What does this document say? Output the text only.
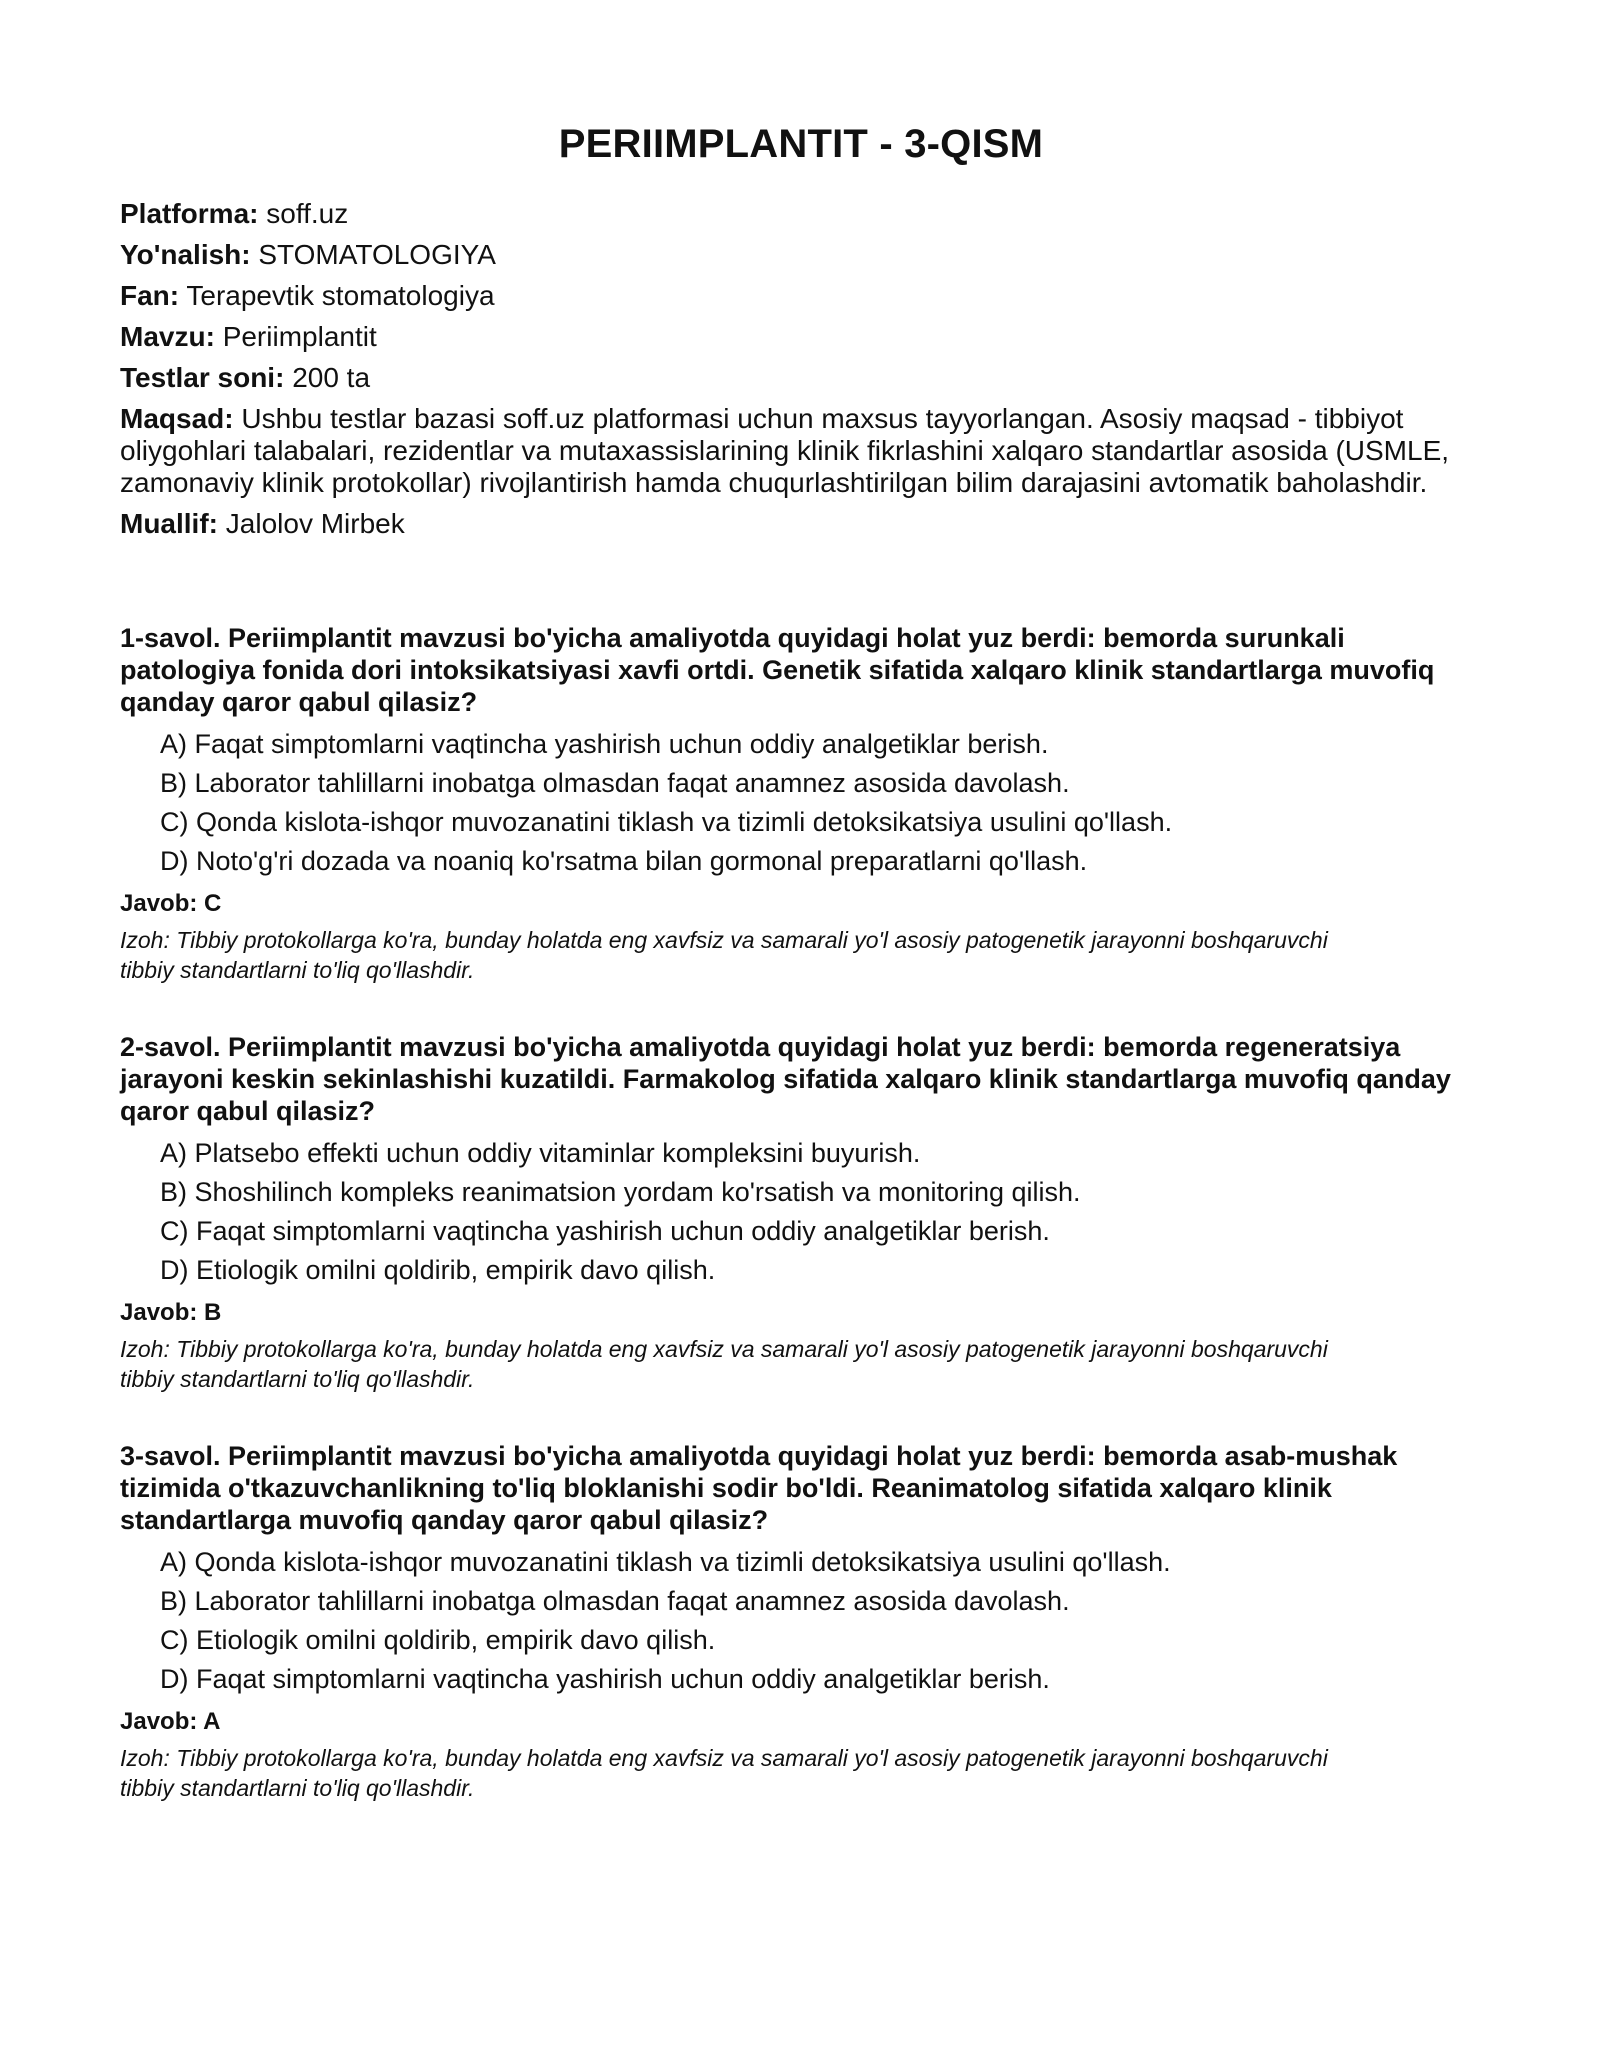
PERIIMPLANTIT - 3-QISM

Platforma: soff.uz

Yo'nalish: STOMATOLOGIYA

Fan: Terapevtik stomatologiya

Mavzu: Periimplantit

Testlar soni: 200 ta

Maqsad: Ushbu testlar bazasi soff.uz platformasi uchun maxsus tayyorlangan. Asosiy maqsad - tibbiyot oliygohlari talabalari, rezidentlar va mutaxassislarining klinik fikrlashini xalqaro standartlar asosida (USMLE, zamonaviy klinik protokollar) rivojlantirish hamda chuqurlashtirilgan bilim darajasini avtomatik baholashdir.

Muallif: Jalolov Mirbek

1-savol. Periimplantit mavzusi bo'yicha amaliyotda quyidagi holat yuz berdi: bemorda surunkali patologiya fonida dori intoksikatsiyasi xavfi ortdi. Genetik sifatida xalqaro klinik standartlarga muvofiq qanday qaror qabul qilasiz?

A) Faqat simptomlarni vaqtincha yashirish uchun oddiy analgetiklar berish.

B) Laborator tahlillarni inobatga olmasdan faqat anamnez asosida davolash.

C) Qonda kislota-ishqor muvozanatini tiklash va tizimli detoksikatsiya usulini qo'llash.

D) Noto'g'ri dozada va noaniq ko'rsatma bilan gormonal preparatlarni qo'llash.

Javob: C

Izoh: Tibbiy protokollarga ko'ra, bunday holatda eng xavfsiz va samarali yo'l asosiy patogenetik jarayonni boshqaruvchi tibbiy standartlarni to'liq qo'llashdir.

2-savol. Periimplantit mavzusi bo'yicha amaliyotda quyidagi holat yuz berdi: bemorda regeneratsiya jarayoni keskin sekinlashishi kuzatildi. Farmakolog sifatida xalqaro klinik standartlarga muvofiq qanday qaror qabul qilasiz?

A) Platsebo effekti uchun oddiy vitaminlar kompleksini buyurish.

B) Shoshilinch kompleks reanimatsion yordam ko'rsatish va monitoring qilish.

C) Faqat simptomlarni vaqtincha yashirish uchun oddiy analgetiklar berish.

D) Etiologik omilni qoldirib, empirik davo qilish.

Javob: B

Izoh: Tibbiy protokollarga ko'ra, bunday holatda eng xavfsiz va samarali yo'l asosiy patogenetik jarayonni boshqaruvchi tibbiy standartlarni to'liq qo'llashdir.

3-savol. Periimplantit mavzusi bo'yicha amaliyotda quyidagi holat yuz berdi: bemorda asab-mushak tizimida o'tkazuvchanlikning to'liq bloklanishi sodir bo'ldi. Reanimatolog sifatida xalqaro klinik standartlarga muvofiq qanday qaror qabul qilasiz?

A) Qonda kislota-ishqor muvozanatini tiklash va tizimli detoksikatsiya usulini qo'llash.

B) Laborator tahlillarni inobatga olmasdan faqat anamnez asosida davolash.

C) Etiologik omilni qoldirib, empirik davo qilish.

D) Faqat simptomlarni vaqtincha yashirish uchun oddiy analgetiklar berish.

Javob: A

Izoh: Tibbiy protokollarga ko'ra, bunday holatda eng xavfsiz va samarali yo'l asosiy patogenetik jarayonni boshqaruvchi tibbiy standartlarni to'liq qo'llashdir.
